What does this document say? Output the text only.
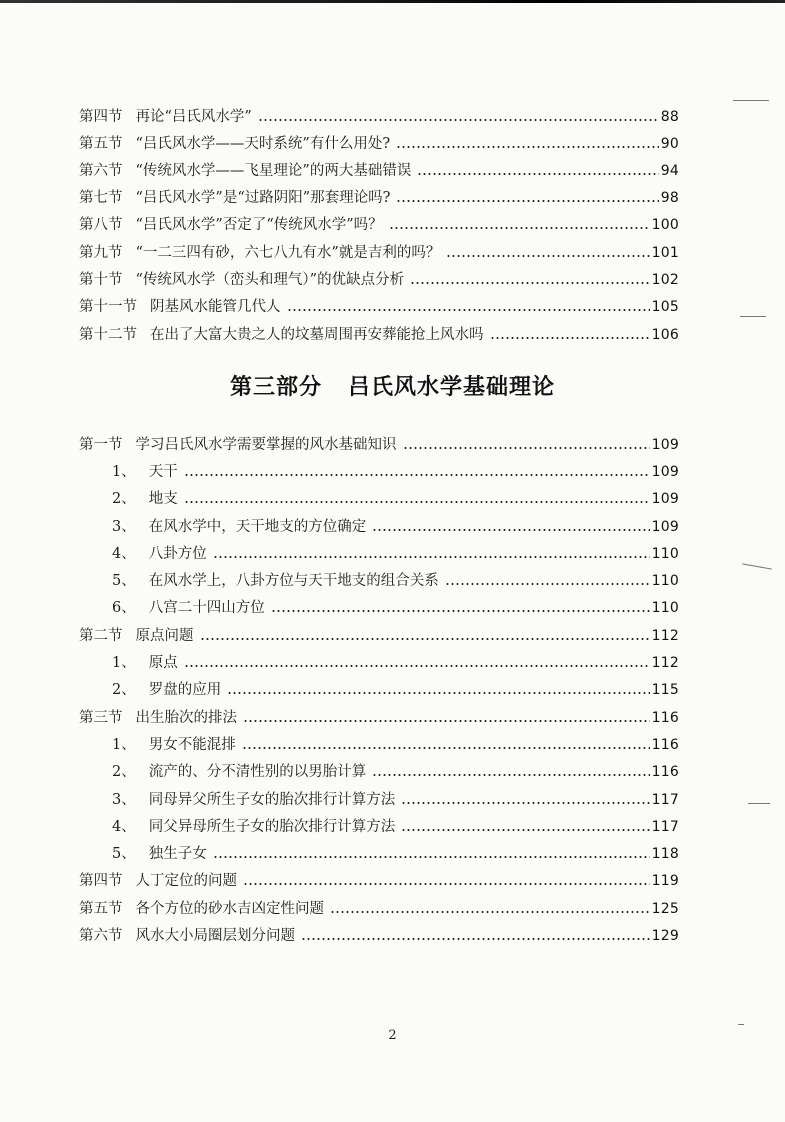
第四节 再论“吕氏风水学”	88
第五节 “吕氏风水学——天时系统”有什么用处?	90
第六节 “传统风水学——飞星理论”的两大基础错误	94
第七节 “吕氏风水学”是“过路阴阳”那套理论吗?	98
第八节 “吕氏风水学”否定了“传统风水学”吗？	100
第九节 “一二三四有砂，六七八九有水”就是吉利的吗？	101
第十节 “传统风水学（峦头和理气）”的优缺点分析	102
第十一节 阴基风水能管几代人	105
第十二节 在出了大富大贵之人的坟墓周围再安葬能抢上风水吗	106
第三部分 吕氏风水学基础理论
第一节 学习吕氏风水学需要掌握的风水基础知识	109
1、 天干	109
2、 地支	109
3、 在风水学中，天干地支的方位确定	109
4、 八卦方位	110
5、 在风水学上，八卦方位与天干地支的组合关系	110
6、 八宫二十四山方位	110
第二节 原点问题	112
1、 原点	112
2、 罗盘的应用	115
第三节 出生胎次的排法	116
1、 男女不能混排	116
2、 流产的、分不清性别的以男胎计算	116
3、 同母异父所生子女的胎次排行计算方法	117
4、 同父异母所生子女的胎次排行计算方法	117
5、 独生子女	118
第四节 人丁定位的问题	119
第五节 各个方位的砂水吉凶定性问题	125
第六节 风水大小局圈层划分问题	129
2
